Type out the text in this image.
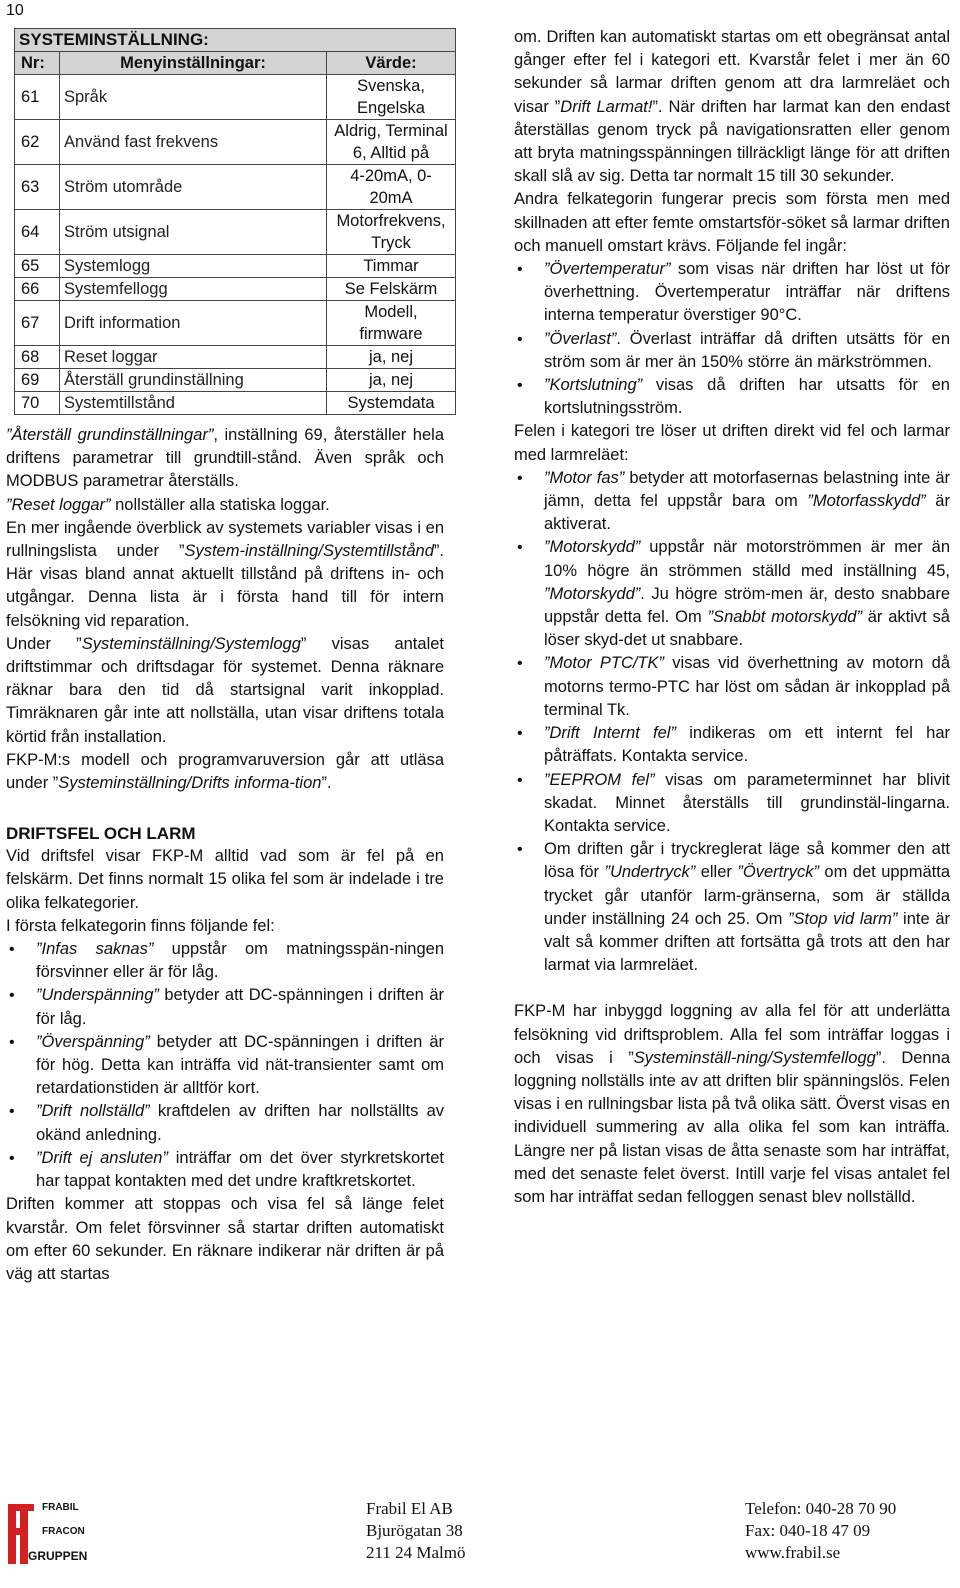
10
SYSTEMINSTÄLLNING:		
Nr:	Menyinställningar:	Värde:
61	Språk	Svenska, Engelska
62	Använd fast frekvens	Aldrig, Terminal 6, Alltid på
63	Ström utområde	4-20mA, 0-20mA
64	Ström utsignal	Motorfrekvens, Tryck
65	Systemlogg	Timmar
66	Systemfellogg	Se Felskärm
67	Drift information	Modell, firmware
68	Reset loggar	ja, nej
69	Återställ grundinställning	ja, nej
70	Systemtillstånd	Systemdata

”Återställ grundinställningar”, inställning 69, återställer hela driftens parametrar till grundtill-stånd. Även språk och MODBUS parametrar återställs.

”Reset loggar” nollställer alla statiska loggar.

En mer ingående överblick av systemets variabler visas i en rullningslista under ”System-inställning/Systemtillstånd”. Här visas bland annat aktuellt tillstånd på driftens in- och utgångar. Denna lista är i första hand till för intern felsökning vid reparation.

Under ”Systeminställning/Systemlogg” visas antalet driftstimmar och driftsdagar för systemet. Denna räknare räknar bara den tid då startsignal varit inkopplad. Timräknaren går inte att nollställa, utan visar driftens totala körtid från installation.

FKP-M:s modell och programvaruversion går att utläsa under ”Systeminställning/Drifts informa-tion”.

DRIFTSFEL OCH LARM

Vid driftsfel visar FKP-M alltid vad som är fel på en felskärm. Det finns normalt 15 olika fel som är indelade i tre olika felkategorier.

I första felkategorin finns följande fel:

• ”Infas saknas” uppstår om matningsspän-ningen försvinner eller är för låg.
• ”Underspänning” betyder att DC-spänningen i driften är för låg.
• ”Överspänning” betyder att DC-spänningen i driften är för hög. Detta kan inträffa vid nät-transienter samt om retardationstiden är alltför kort.
• ”Drift nollställd” kraftdelen av driften har nollställts av okänd anledning.
• ”Drift ej ansluten” inträffar om det över styrkretskortet har tappat kontakten med det undre kraftkretskortet.

Driften kommer att stoppas och visa fel så länge felet kvarstår. Om felet försvinner så startar driften automatiskt om efter 60 sekunder. En räknare indikerar när driften är på väg att startas

om. Driften kan automatiskt startas om ett obegränsat antal gånger efter fel i kategori ett. Kvarstår felet i mer än 60 sekunder så larmar driften genom att dra larmreläet och visar ”Drift Larmat!”. När driften har larmat kan den endast återställas genom tryck på navigationsratten eller genom att bryta matningsspänningen tillräckligt länge för att driften skall slå av sig. Detta tar normalt 15 till 30 sekunder.

Andra felkategorin fungerar precis som första men med skillnaden att efter femte omstartsför-söket så larmar driften och manuell omstart krävs. Följande fel ingår:

• ”Övertemperatur” som visas när driften har löst ut för överhettning. Övertemperatur inträffar när driftens interna temperatur överstiger 90°C.
• ”Överlast”. Överlast inträffar då driften utsätts för en ström som är mer än 150% större än märkströmmen.
• ”Kortslutning” visas då driften har utsatts för en kortslutningsström.

Felen i kategori tre löser ut driften direkt vid fel och larmar med larmreläet:

• ”Motor fas” betyder att motorfasernas belastning inte är jämn, detta fel uppstår bara om ”Motorfasskydd” är aktiverat.
• ”Motorskydd” uppstår när motorströmmen är mer än 10% högre än strömmen ställd med inställning 45, ”Motorskydd”. Ju högre ström-men är, desto snabbare uppstår detta fel. Om ”Snabbt motorskydd” är aktivt så löser skyd-det ut snabbare.
• ”Motor PTC/TK” visas vid överhettning av motorn då motorns termo-PTC har löst om sådan är inkopplad på terminal Tk.
• ”Drift Internt fel” indikeras om ett internt fel har påträffats. Kontakta service.
• ”EEPROM fel” visas om parameterminnet har blivit skadat. Minnet återställs till grundinstäl-lingarna. Kontakta service.
• Om driften går i tryckreglerat läge så kommer den att lösa för ”Undertryck” eller ”Övertryck” om det uppmätta trycket går utanför larm-gränserna, som är ställda under inställning 24 och 25. Om ”Stop vid larm” inte är valt så kommer driften att fortsätta gå trots att den har larmat via larmreläet.

FKP-M har inbyggd loggning av alla fel för att underlätta felsökning vid driftsproblem. Alla fel som inträffar loggas i och visas i ”Systeminställ-ning/Systemfellogg”. Denna loggning nollställs inte av att driften blir spänningslös. Felen visas i en rullningsbar lista på två olika sätt. Överst visas en individuell summering av alla olika fel som kan inträffa. Längre ner på listan visas de åtta senaste som har inträffat, med det senaste felet överst. Intill varje fel visas antalet fel som har inträffat sedan felloggen senast blev nollställd.

FRABIL
FRACON
GRUPPEN
Frabil El AB
Bjurögatan 38
211 24 Malmö
Telefon: 040-28 70 90
Fax: 040-18 47 09
www.frabil.se
